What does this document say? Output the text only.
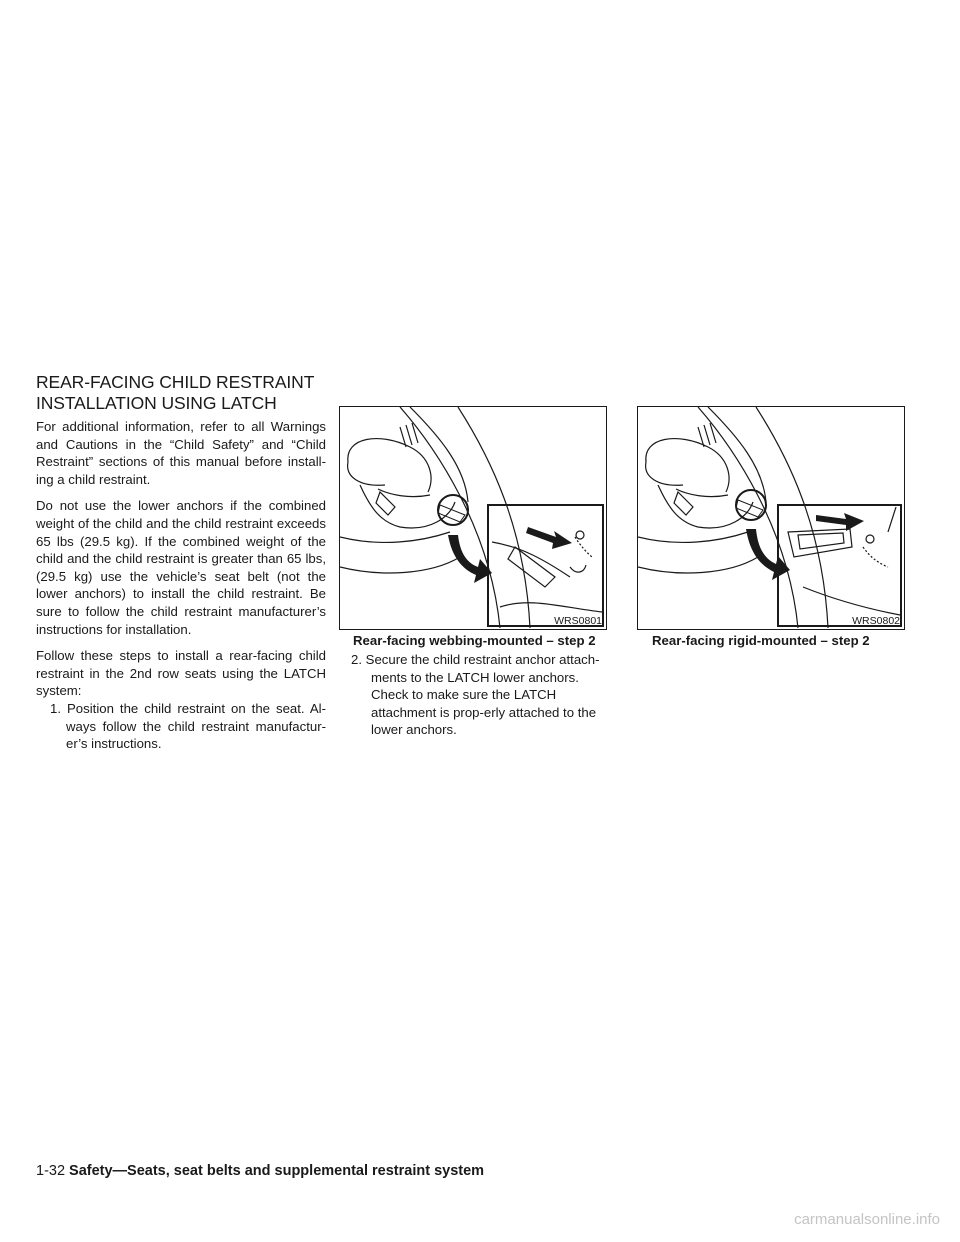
REAR-FACING CHILD RESTRAINT
INSTALLATION USING LATCH

For additional information, refer to all Warnings and Cautions in the “Child Safety” and “Child Restraint” sections of this manual before install-ing a child restraint.

Do not use the lower anchors if the combined weight of the child and the child restraint exceeds 65 lbs (29.5 kg). If the combined weight of the child and the child restraint is greater than 65 lbs, (29.5 kg) use the vehicle’s seat belt (not the lower anchors) to install the child restraint. Be sure to follow the child restraint manufacturer’s instructions for installation.

Follow these steps to install a rear-facing child restraint in the 2nd row seats using the LATCH system:

1. Position the child restraint on the seat. Al-ways follow the child restraint manufactur-er’s instructions.

WRS0801
Rear-facing webbing-mounted – step 2

2. Secure the child restraint anchor attach-ments to the LATCH lower anchors. Check to make sure the LATCH attachment is prop-erly attached to the lower anchors.

WRS0802
Rear-facing rigid-mounted – step 2
1-32 Safety—Seats, seat belts and supplemental restraint system
carmanualsonline.info
